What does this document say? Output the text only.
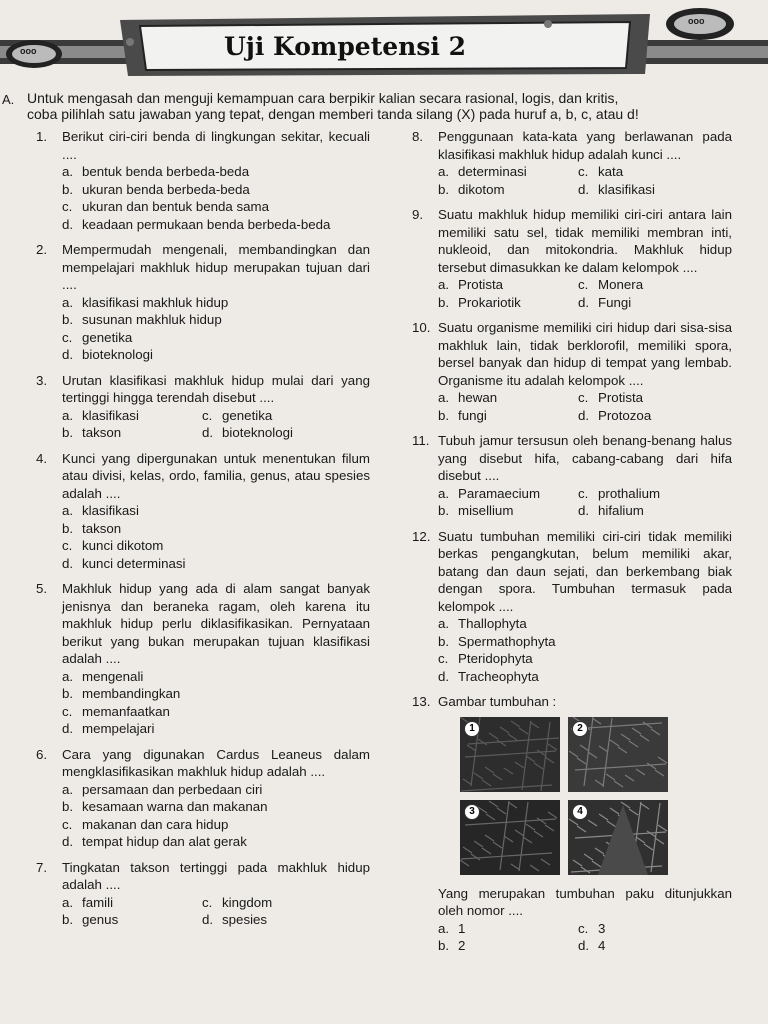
ooo
ooo
Uji Kompetensi 2
A. Untuk mengasah dan menguji kemampuan cara berpikir kalian secara rasional, logis, dan kritis,
coba pilihlah satu jawaban yang tepat, dengan memberi tanda silang (X) pada huruf a, b, c, atau d!
1. Berikut ciri-ciri benda di lingkungan sekitar, kecuali ....
a. bentuk benda berbeda-beda
b. ukuran benda berbeda-beda
c. ukuran dan bentuk benda sama
d. keadaan permukaan benda berbeda-beda
2. Mempermudah mengenali, membandingkan dan mempelajari makhluk hidup merupakan tujuan dari ....
a. klasifikasi makhluk hidup
b. susunan makhluk hidup
c. genetika
d. bioteknologi
3. Urutan klasifikasi makhluk hidup mulai dari yang tertinggi hingga terendah disebut ....
a. klasifikasi	c. genetika
b. takson	d. bioteknologi
4. Kunci yang dipergunakan untuk menentukan filum atau divisi, kelas, ordo, familia, genus, atau spesies adalah ....
a. klasifikasi
b. takson
c. kunci dikotom
d. kunci determinasi
5. Makhluk hidup yang ada di alam sangat banyak jenisnya dan beraneka ragam, oleh karena itu makhluk hidup perlu diklasifikasikan. Pernyataan berikut yang bukan merupakan tujuan klasifikasi adalah ....
a. mengenali
b. membandingkan
c. memanfaatkan
d. mempelajari
6. Cara yang digunakan Cardus Leaneus dalam mengklasifikasikan makhluk hidup adalah ....
a. persamaan dan perbedaan ciri
b. kesamaan warna dan makanan
c. makanan dan cara hidup
d. tempat hidup dan alat gerak
7. Tingkatan takson tertinggi pada makhluk hidup adalah ....
a. famili	c. kingdom
b. genus	d. spesies
8. Penggunaan kata-kata yang berlawanan pada klasifikasi makhluk hidup adalah kunci ....
a. determinasi	c. kata
b. dikotom	d. klasifikasi
9. Suatu makhluk hidup memiliki ciri-ciri antara lain memiliki satu sel, tidak memiliki membran inti, nukleoid, dan mitokondria. Makhluk hidup tersebut dimasukkan ke dalam kelompok ....
a. Protista	c. Monera
b. Prokariotik	d. Fungi
10. Suatu organisme memiliki ciri hidup dari sisa-sisa makhluk lain, tidak berklorofil, memiliki spora, bersel banyak dan hidup di tempat yang lembab. Organisme itu adalah kelompok ....
a. hewan	c. Protista
b. fungi	d. Protozoa
11. Tubuh jamur tersusun oleh benang-benang halus yang disebut hifa, cabang-cabang dari hifa disebut ....
a. Paramaecium	c. prothalium
b. misellium	d. hifalium
12. Suatu tumbuhan memiliki ciri-ciri tidak memiliki berkas pengangkutan, belum memiliki akar, batang dan daun sejati, dan berkembang biak dengan spora. Tumbuhan termasuk pada kelompok ....
a. Thallophyta
b. Spermathophyta
c. Pteridophyta
d. Tracheophyta
13. Gambar tumbuhan :
1	2
3	4
Yang merupakan tumbuhan paku ditunjukkan oleh nomor ....
a. 1	c. 3
b. 2	d. 4
